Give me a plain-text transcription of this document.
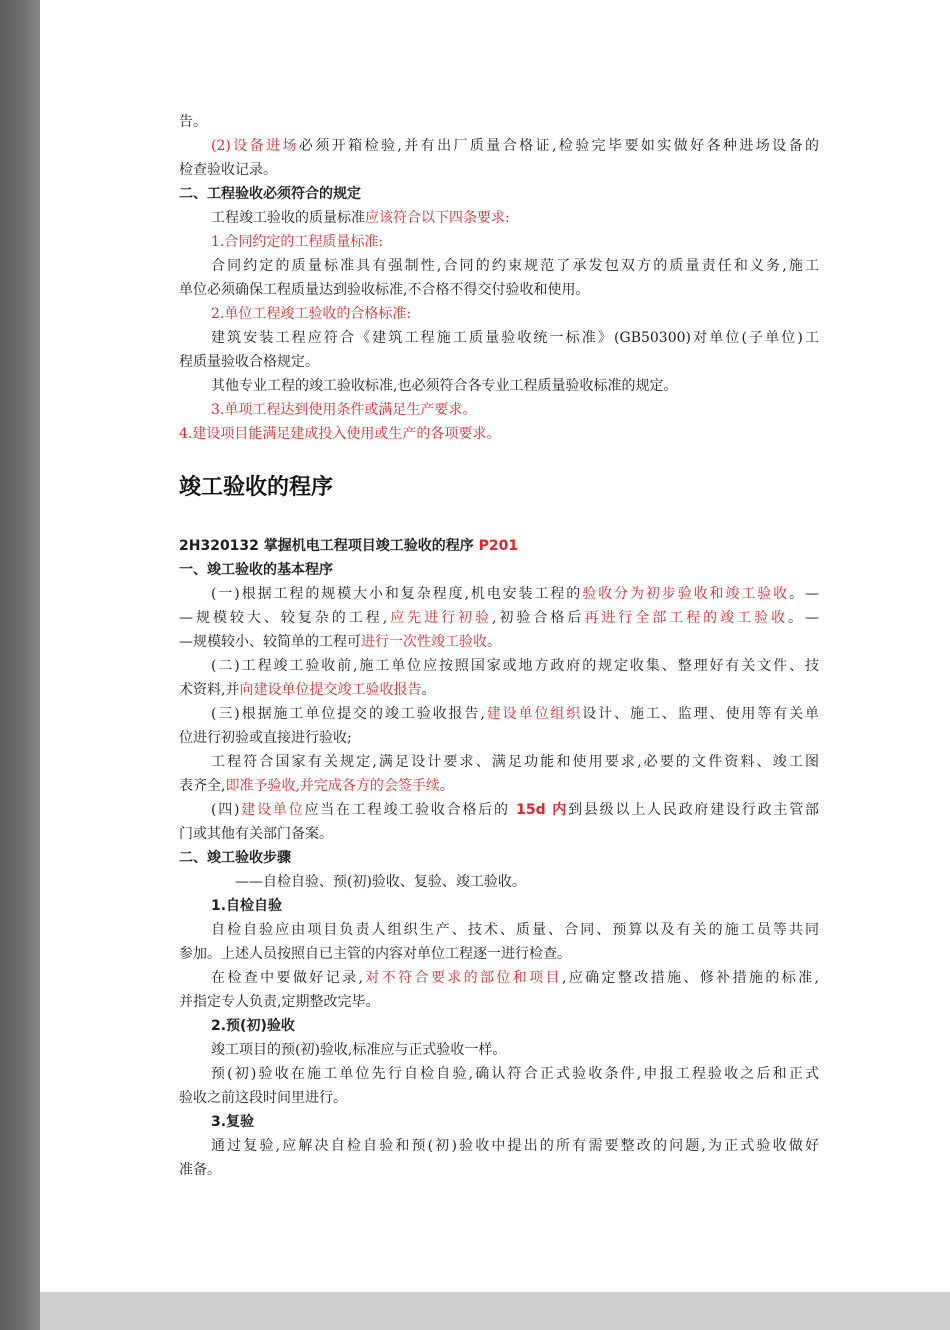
竣工验收的程序
告。
(2)设备进场必须开箱检验,并有出厂质量合格证,检验完毕要如实做好各种进场设备的
检查验收记录。
二、工程验收必须符合的规定
工程竣工验收的质量标准应该符合以下四条要求:
1.合同约定的工程质量标准:
合同约定的质量标准具有强制性,合同的约束规范了承发包双方的质量责任和义务,施工
单位必须确保工程质量达到验收标准,不合格不得交付验收和使用。
2.单位工程竣工验收的合格标准:
建筑安装工程应符合《建筑工程施工质量验收统一标准》(GB50300)对单位(子单位)工
程质量验收合格规定。
其他专业工程的竣工验收标准,也必须符合各专业工程质量验收标准的规定。
3.单项工程达到使用条件或满足生产要求。
4.建设项目能满足建成投入使用或生产的各项要求。
2H320132 掌握机电工程项目竣工验收的程序 P201
一、竣工验收的基本程序
(一)根据工程的规模大小和复杂程度,机电安装工程的验收分为初步验收和竣工验收。—
—规模较大、较复杂的工程,应先进行初验,初验合格后再进行全部工程的竣工验收。—
—规模较小、较简单的工程可进行一次性竣工验收。
(二)工程竣工验收前,施工单位应按照国家或地方政府的规定收集、整理好有关文件、技
术资料,并向建设单位提交竣工验收报告。
(三)根据施工单位提交的竣工验收报告,建设单位组织设计、施工、监理、使用等有关单
位进行初验或直接进行验收;
工程符合国家有关规定,满足设计要求、满足功能和使用要求,必要的文件资料、竣工图
表齐全,即准予验收,并完成各方的会签手续。
(四)建设单位应当在工程竣工验收合格后的 15d 内到县级以上人民政府建设行政主管部
门或其他有关部门备案。
二、竣工验收步骤
——自检自验、预(初)验收、复验、竣工验收。
1.自检自验
自检自验应由项目负责人组织生产、技术、质量、合同、预算以及有关的施工员等共同
参加。上述人员按照自已主管的内容对单位工程逐一进行检查。
在检查中要做好记录,对不符合要求的部位和项目,应确定整改措施、修补措施的标准,
并指定专人负责,定期整改完毕。
2.预(初)验收
竣工项目的预(初)验收,标准应与正式验收一样。
预(初)验收在施工单位先行自检自验,确认符合正式验收条件,申报工程验收之后和正式
验收之前这段时间里进行。
3.复验
通过复验,应解决自检自验和预(初)验收中提出的所有需要整改的问题,为正式验收做好
准备。
